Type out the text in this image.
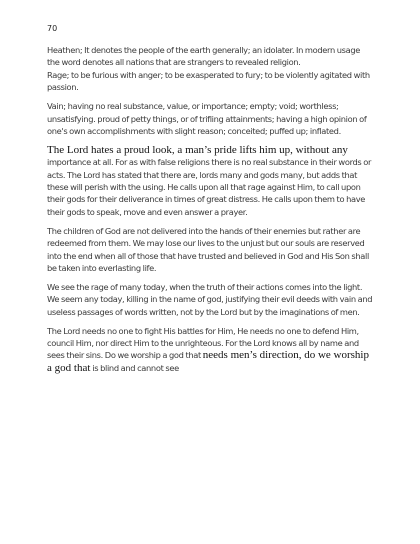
70

Heathen; It denotes the people of the earth generally; an idolater. In modern usage the word denotes all nations that are strangers to revealed religion.

Rage; to be furious with anger; to be exasperated to fury; to be violently agitated with passion.

Vain; having no real substance, value, or importance; empty; void; worthless; unsatisfying. proud of petty things, or of trifling attainments; having a high opinion of one's own accomplishments with slight reason; conceited; puffed up; inflated.

The Lord hates a proud look, a man’s pride lifts him up, without any importance at all. For as with false religions there is no real substance in their words or acts. The Lord has stated that there are, lords many and gods many, but adds that these will perish with the using. He calls upon all that rage against Him, to call upon their gods for their deliverance in times of great distress. He calls upon them to have their gods to speak, move and even answer a prayer.

The children of God are not delivered into the hands of their enemies but rather are redeemed from them. We may lose our lives to the unjust but our souls are reserved into the end when all of those that have trusted and believed in God and His Son shall be taken into everlasting life.

We see the rage of many today, when the truth of their actions comes into the light. We seem any today, killing in the name of god, justifying their evil deeds with vain and useless passages of words written, not by the Lord but by the imaginations of men.

The Lord needs no one to fight His battles for Him, He needs no one to defend Him, council Him, nor direct Him to the unrighteous. For the Lord knows all by name and sees their sins. Do we worship a god that needs men’s direction, do we worship a god that is blind and cannot see
